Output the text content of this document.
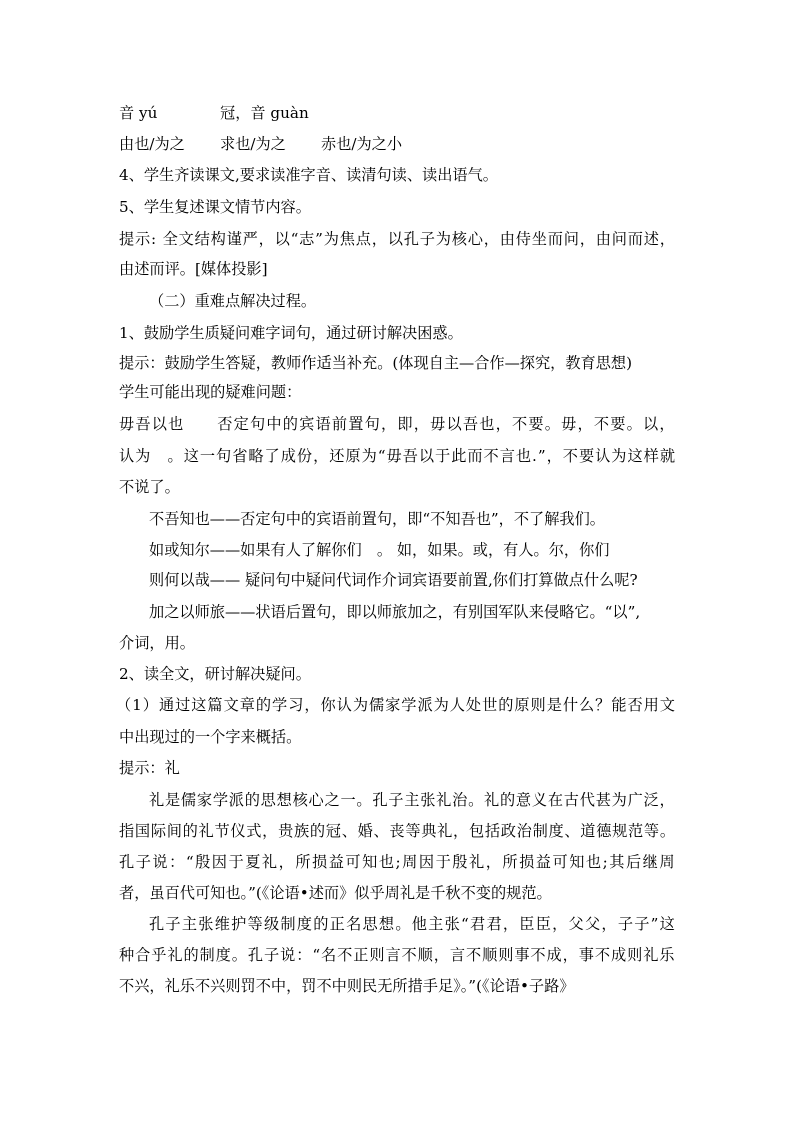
音 yú	冠，音 guàn
由也/为之 求也/为之 赤也/为之小
4、学生齐读课文,要求读准字音、读清句读、读出语气。
5、学生复述课文情节内容。
提 示 :
全 文 结 构 谨 严 ， 以 “ 志 ” 为 焦 点 ， 以 孔 子 为 核 心 ， 由 侍 坐 而 问 ， 由 问 而 述 ，
由述而评。[媒体投影]
（二）重难点解决过程。
1、鼓励学生质疑问难字词句，通过研讨解决困惑。
提示：鼓励学生答疑，教师作适当补充。(体现自主—合作—探究，教育思想)
学生可能出现的疑难问题：
毋 吾 以 也

　 否 定 句 中 的 宾 语 前 置 句 ， 即 ， 毋 以 吾 也 ， 不 要 。 毋 ， 不 要 。 以 ，
认 为
　 。 这 一 句 省 略 了 成 份 ， 还 原 为 “ 毋 吾 以 于 此 而 不 言 也 . ” ， 不 要 认 为 这 样 就
不说了。
不吾知也——否定句中的宾语前置句，即“不知吾也”，不了解我们。
如或知尔——如果有人了解你们　。 如，如果。或，有人。尔，你们
则何以哉—— 疑问句中疑问代词作介词宾语要前置,你们打算做点什么呢?
加之以师旅——状语后置句，即以师旅加之，有别国军队来侵略它。“以”,
介词，用。
2、读全文，研讨解决疑问。
（ 1 ） 通 过 这 篇 文 章 的 学 习 ， 你 认 为 儒 家 学 派 为 人 处 世 的 原 则 是 什 么 ？ 能 否 用 文
中出现过的一个字来概括。
提示：礼
礼 是 儒 家 学 派 的 思 想 核 心 之 一 。 孔 子 主 张 礼 治 。 礼 的 意 义 在 古 代 甚 为 广 泛 ，
指 国 际 间 的 礼 节 仪 式 ， 贵 族 的 冠 、 婚 、 丧 等 典 礼 ， 包 括 政 治 制 度 、 道 德 规 范 等 。
孔 子 说 ： “ 殷 因 于 夏 礼 ， 所 损 益 可 知 也 ; 周 因 于 殷 礼 ， 所 损 益 可 知 也 ; 其 后 继 周
者，虽百代可知也。”(《论语•述而》似乎周礼是千秋不变的规范。
孔 子 主 张 维 护 等 级 制 度 的 正 名 思 想 。 他 主 张 “ 君 君 ， 臣 臣 ， 父 父 ， 子 子 ” 这
种 合 乎 礼 的 制 度 。 孔 子 说 ： “ 名 不 正 则 言 不 顺 ， 言 不 顺 则 事 不 成 ， 事 不 成 则 礼 乐
不兴，礼乐不兴则罚不中，罚不中则民无所措手足》。”(《论语•子路》
